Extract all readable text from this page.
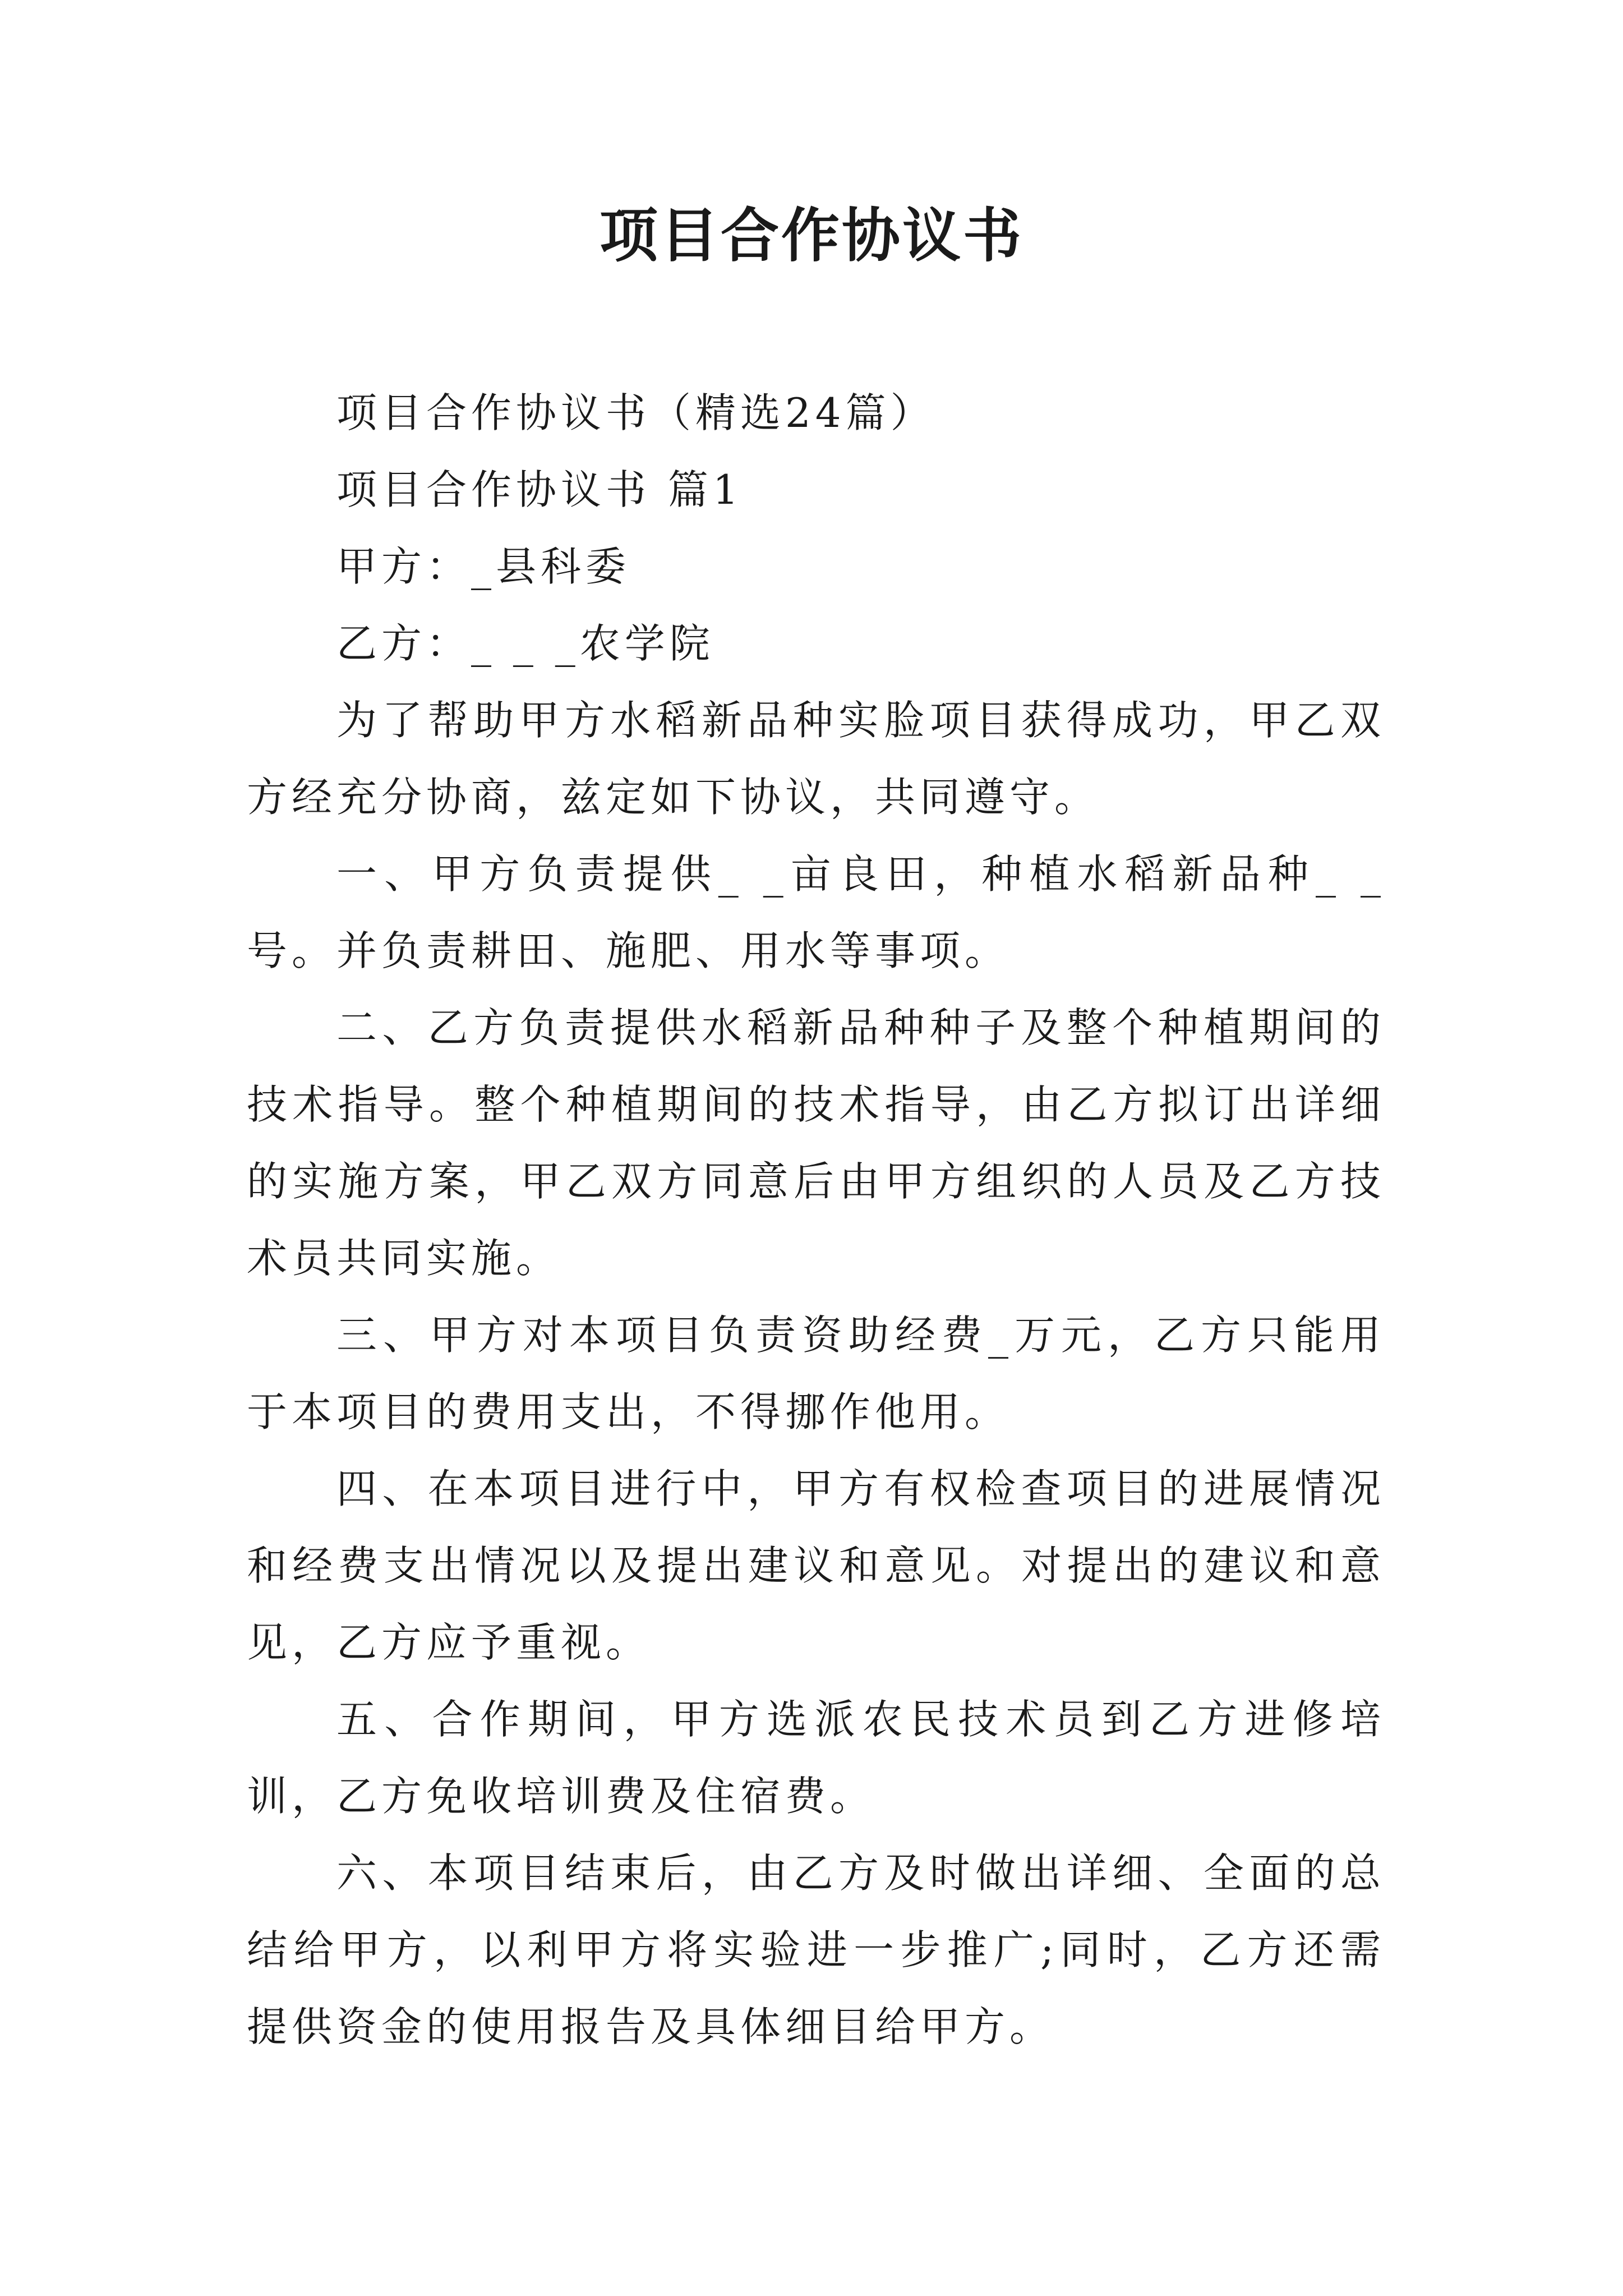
项目合作协议书

项目合作协议书（精选24篇）

项目合作协议书 篇1

甲方：_县科委

乙方：_ _ _农学院

为了帮助甲方水稻新品种实脸项目获得成功，甲乙双方经充分协商，兹定如下协议，共同遵守。

一、甲方负责提供_ _亩良田，种植水稻新品种_ _号。并负责耕田、施肥、用水等事项。

二、乙方负责提供水稻新品种种子及整个种植期间的技术指导。整个种植期间的技术指导，由乙方拟订出详细的实施方案，甲乙双方同意后由甲方组织的人员及乙方技术员共同实施。

三、甲方对本项目负责资助经费_万元，乙方只能用于本项目的费用支出，不得挪作他用。

四、在本项目进行中，甲方有权检查项目的进展情况和经费支出情况以及提出建议和意见。对提出的建议和意见，乙方应予重视。

五、合作期间，甲方选派农民技术员到乙方进修培训，乙方免收培训费及住宿费。

六、本项目结束后，由乙方及时做出详细、全面的总结给甲方，以利甲方将实验进一步推广;同时，乙方还需提供资金的使用报告及具体细目给甲方。
